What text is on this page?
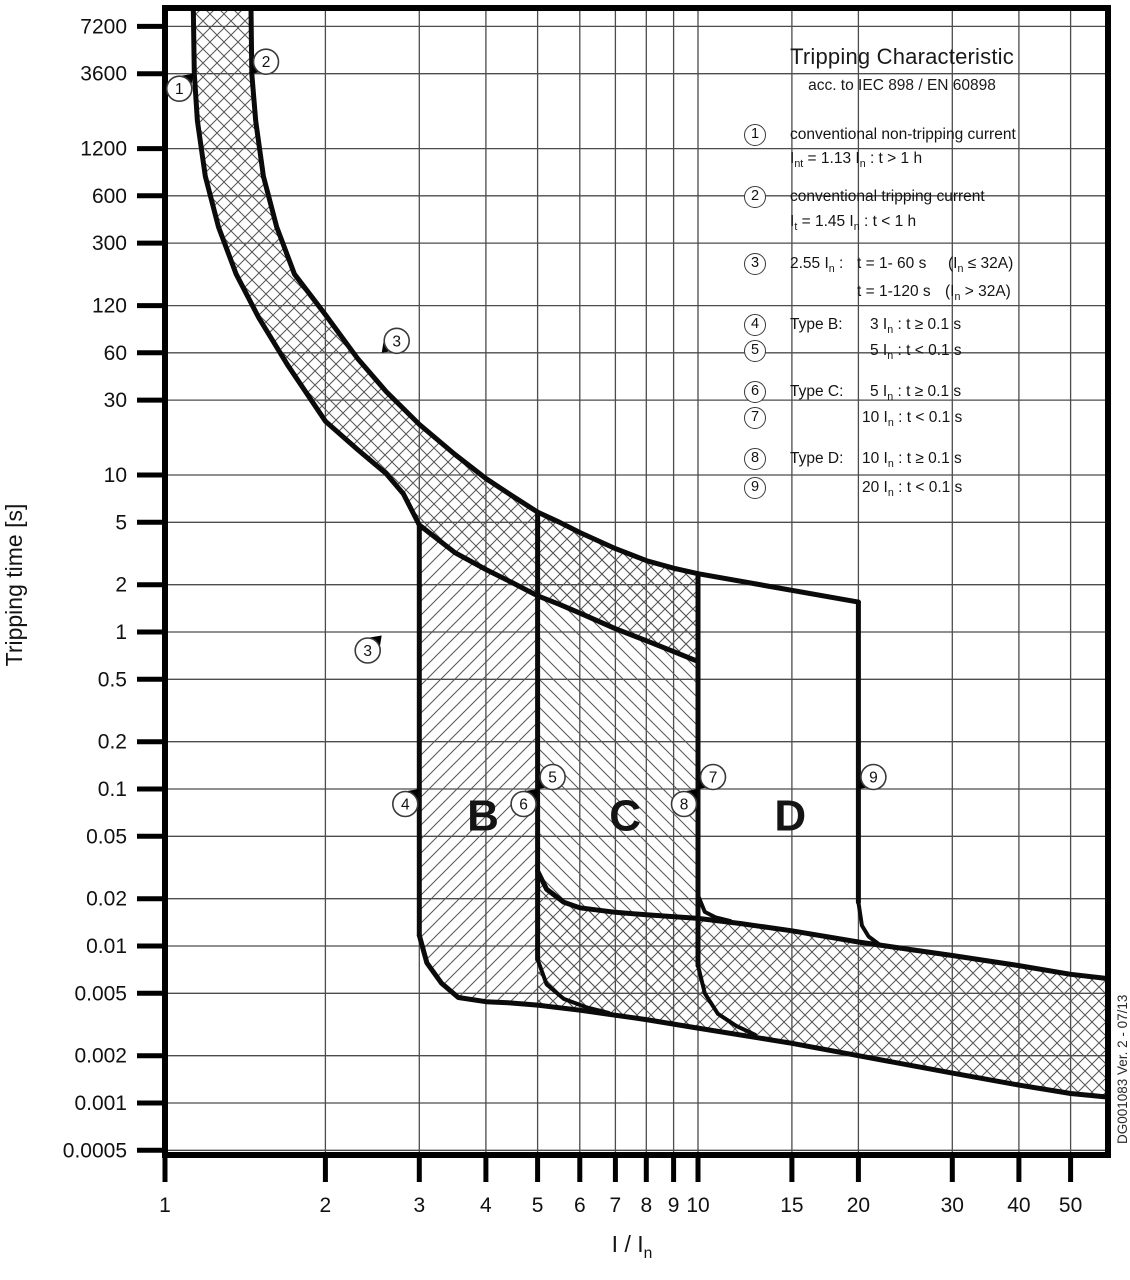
7200
3600
1200
600
300
120
60
30
10
5
2
1
0.5
0.2
0.1
0.05
0.02
0.01
0.005
0.002
0.001
0.0005
1	2	3	4 5 6 7 8 9 10	15 20	30 40 50
1
2
3
3
4
5
6
7
8
9
B	C	D
Tripping time [s]
I / $I_n$
DG001083 Ver. 2 - 07/13
Tripping Characteristic
acc. to IEC 898 / EN 60898
1
2
3
4
5
6
7
8
9
conventional non-tripping current
$I_{nt} = 1.13$ $I_n$ : t > 1 h
conventional tripping current
$I_t = 1.45$ $I_n$ : t < 1 h
2.55 $I_n$ : t = 1- 60 s $(I_n \le 32A)$
t = 1-120 s $(I_n > 32A)$
Type B: 3 $I_n$ : t ≥ 0.1 s
5 $I_n$ : t < 0.1 s
Type C: 5 $I_n$ : t ≥ 0.1 s
10 $I_n$ : t < 0.1 s
Type D: 10 $I_n$ : t ≥ 0.1 s
20 $I_n$ : t < 0.1 s
